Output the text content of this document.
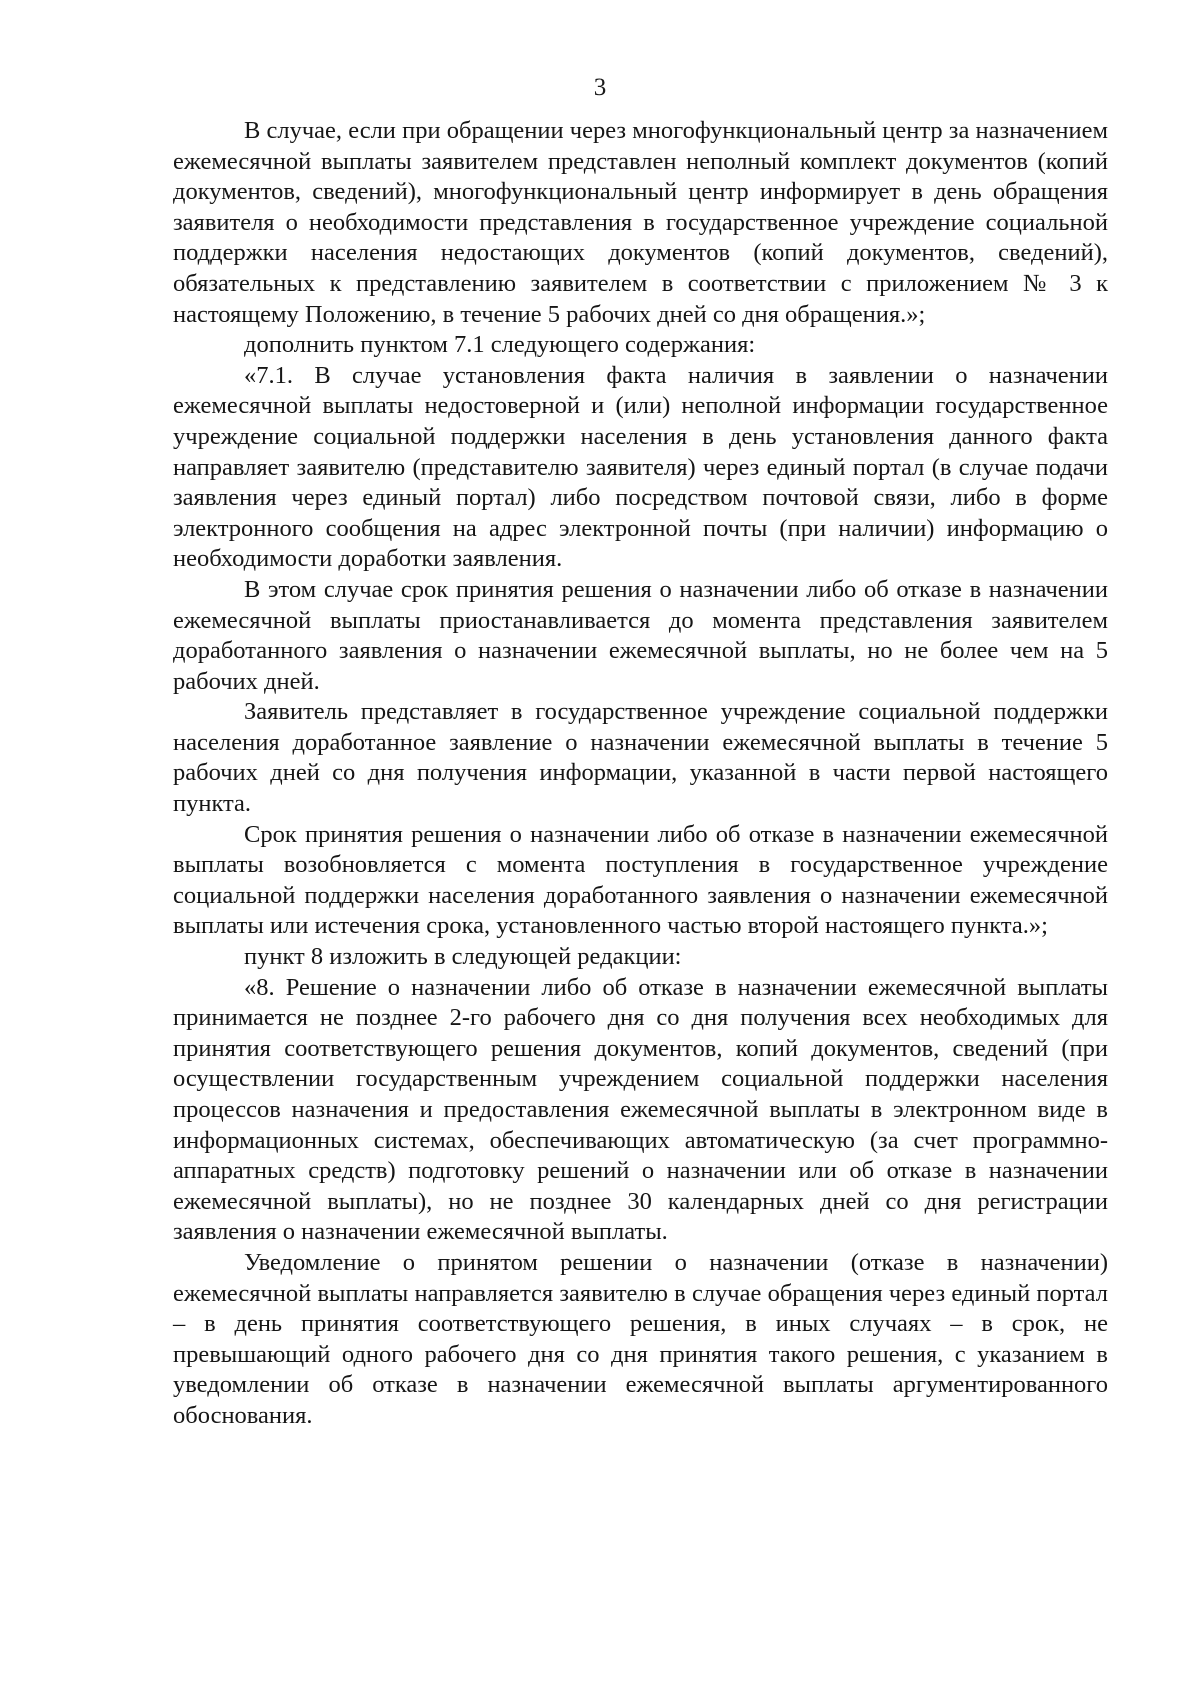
3

В случае, если при обращении через многофункциональный центр за назначением ежемесячной выплаты заявителем представлен неполный комплект документов (копий документов, сведений), многофункциональный центр информирует в день обращения заявителя о необходимости представления в государственное учреждение социальной поддержки населения недостающих документов (копий документов, сведений), обязательных к представлению заявителем в соответствии с приложением № 3 к настоящему Положению, в течение 5 рабочих дней со дня обращения.»;

дополнить пунктом 7.1 следующего содержания:

«7.1. В случае установления факта наличия в заявлении о назначении ежемесячной выплаты недостоверной и (или) неполной информации государственное учреждение социальной поддержки населения в день установления данного факта направляет заявителю (представителю заявителя) через единый портал (в случае подачи заявления через единый портал) либо посредством почтовой связи, либо в форме электронного сообщения на адрес электронной почты (при наличии) информацию о необходимости доработки заявления.

В этом случае срок принятия решения о назначении либо об отказе в назначении ежемесячной выплаты приостанавливается до момента представления заявителем доработанного заявления о назначении ежемесячной выплаты, но не более чем на 5 рабочих дней.

Заявитель представляет в государственное учреждение социальной поддержки населения доработанное заявление о назначении ежемесячной выплаты в течение 5 рабочих дней со дня получения информации, указанной в части первой настоящего пункта.

Срок принятия решения о назначении либо об отказе в назначении ежемесячной выплаты возобновляется с момента поступления в государственное учреждение социальной поддержки населения доработанного заявления о назначении ежемесячной выплаты или истечения срока, установленного частью второй настоящего пункта.»;

пункт 8 изложить в следующей редакции:

«8. Решение о назначении либо об отказе в назначении ежемесячной выплаты принимается не позднее 2-го рабочего дня со дня получения всех необходимых для принятия соответствующего решения документов, копий документов, сведений (при осуществлении государственным учреждением социальной поддержки населения процессов назначения и предоставления ежемесячной выплаты в электронном виде в информационных системах, обеспечивающих автоматическую (за счет программно-аппаратных средств) подготовку решений о назначении или об отказе в назначении ежемесячной выплаты), но не позднее 30 календарных дней со дня регистрации заявления о назначении ежемесячной выплаты.

Уведомление о принятом решении о назначении (отказе в назначении) ежемесячной выплаты направляется заявителю в случае обращения через единый портал – в день принятия соответствующего решения, в иных случаях – в срок, не превышающий одного рабочего дня со дня принятия такого решения, с указанием в уведомлении об отказе в назначении ежемесячной выплаты аргументированного обоснования.
